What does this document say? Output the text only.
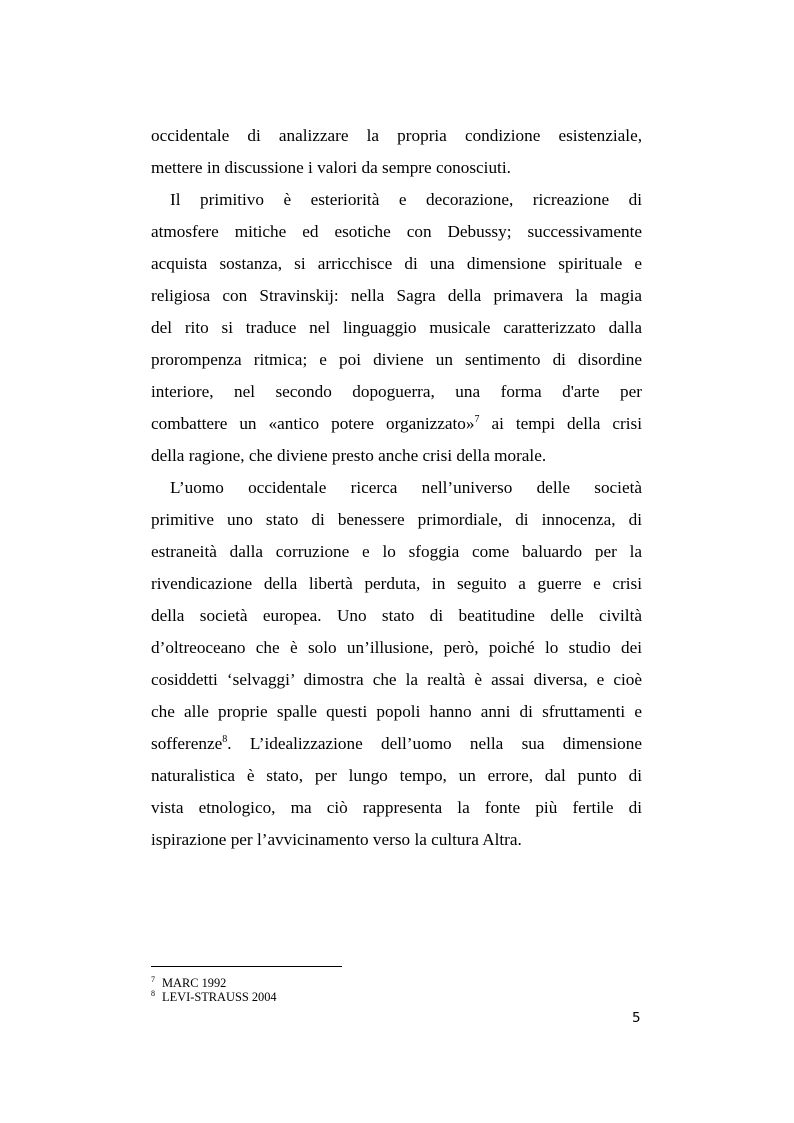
occidentale di analizzare la propria condizione esistenziale,
mettere in discussione i valori da sempre conosciuti.
Il primitivo è esteriorità e decorazione, ricreazione di
atmosfere mitiche ed esotiche con Debussy; successivamente
acquista sostanza, si arricchisce di una dimensione spirituale e
religiosa con Stravinskij: nella Sagra della primavera la magia
del rito si traduce nel linguaggio musicale caratterizzato dalla
prorompenza ritmica; e poi diviene un sentimento di disordine
interiore, nel secondo dopoguerra, una forma d'arte per
combattere un «antico potere organizzato»$^7$ ai tempi della crisi
della ragione, che diviene presto anche crisi della morale.
L’uomo occidentale ricerca nell’universo delle società
primitive uno stato di benessere primordiale, di innocenza, di
estraneità dalla corruzione e lo sfoggia come baluardo per la
rivendicazione della libertà perduta, in seguito a guerre e crisi
della società europea. Uno stato di beatitudine delle civiltà
d’oltreoceano che è solo un’illusione, però, poiché lo studio dei
cosiddetti ‘selvaggi’ dimostra che la realtà è assai diversa, e cioè
che alle proprie spalle questi popoli hanno anni di sfruttamenti e
sofferenze$^8$. L’idealizzazione dell’uomo nella sua dimensione
naturalistica è stato, per lungo tempo, un errore, dal punto di
vista etnologico, ma ciò rappresenta la fonte più fertile di
ispirazione per l’avvicinamento verso la cultura Altra.
$^7$ MARC 1992
$^8$ LEVI-STRAUSS 2004
5
